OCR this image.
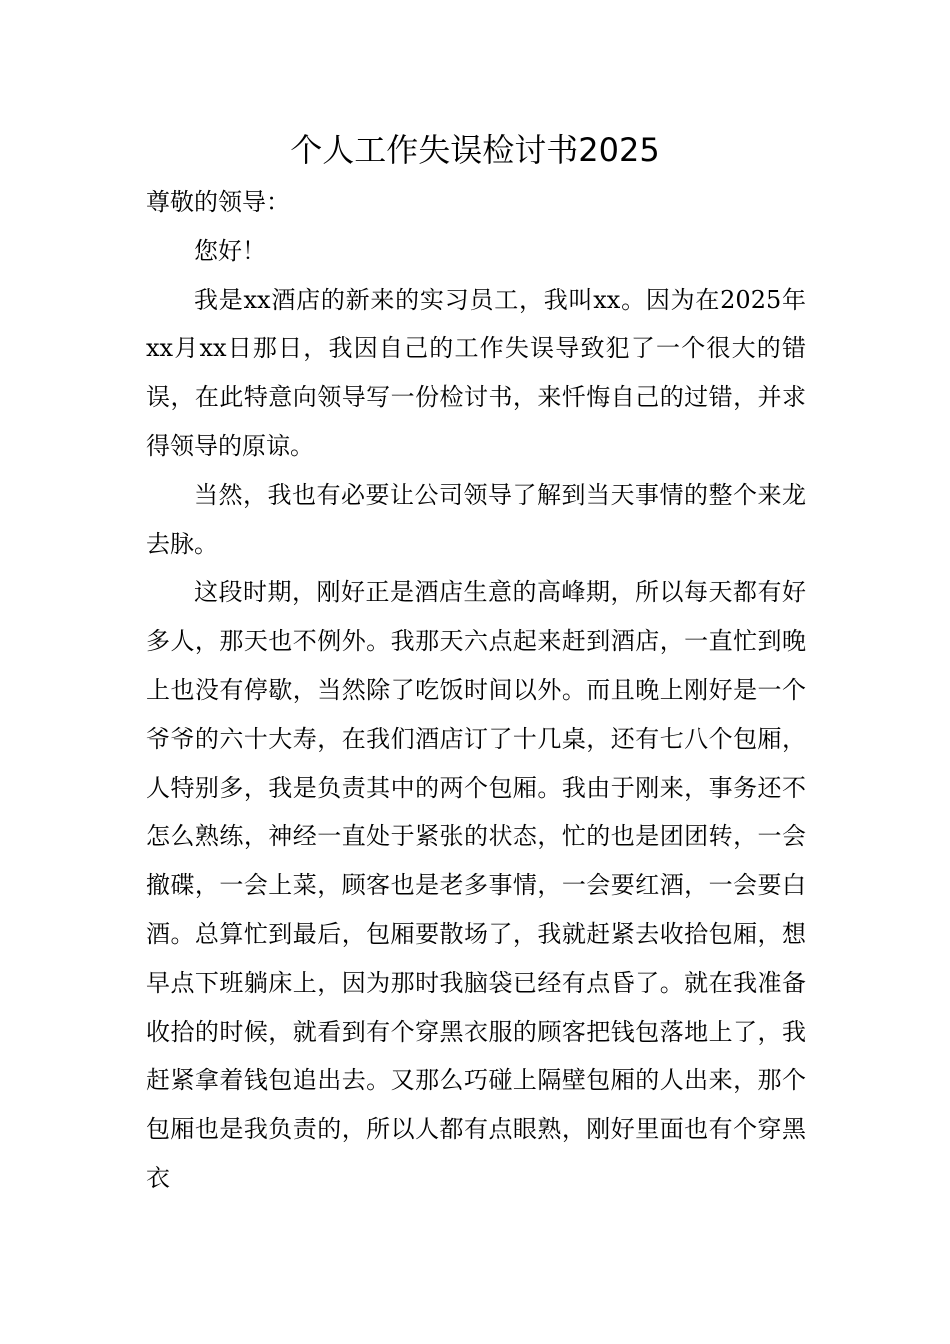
个人工作失误检讨书2025

尊敬的领导：

您好！

我是xx酒店的新来的实习员工，我叫xx。因为在2025年xx月xx日那日，我因自己的工作失误导致犯了一个很大的错误，在此特意向领导写一份检讨书，来忏悔自己的过错，并求得领导的原谅。

当然，我也有必要让公司领导了解到当天事情的整个来龙去脉。

这段时期，刚好正是酒店生意的高峰期，所以每天都有好多人，那天也不例外。我那天六点起来赶到酒店，一直忙到晚上也没有停歇，当然除了吃饭时间以外。而且晚上刚好是一个爷爷的六十大寿，在我们酒店订了十几桌，还有七八个包厢，人特别多，我是负责其中的两个包厢。我由于刚来，事务还不怎么熟练，神经一直处于紧张的状态，忙的也是团团转，一会撤碟，一会上菜，顾客也是老多事情，一会要红酒，一会要白酒。总算忙到最后，包厢要散场了，我就赶紧去收拾包厢，想早点下班躺床上，因为那时我脑袋已经有点昏了。就在我准备收拾的时候，就看到有个穿黑衣服的顾客把钱包落地上了，我赶紧拿着钱包追出去。又那么巧碰上隔壁包厢的人出来，那个包厢也是我负责的，所以人都有点眼熟，刚好里面也有个穿黑衣
